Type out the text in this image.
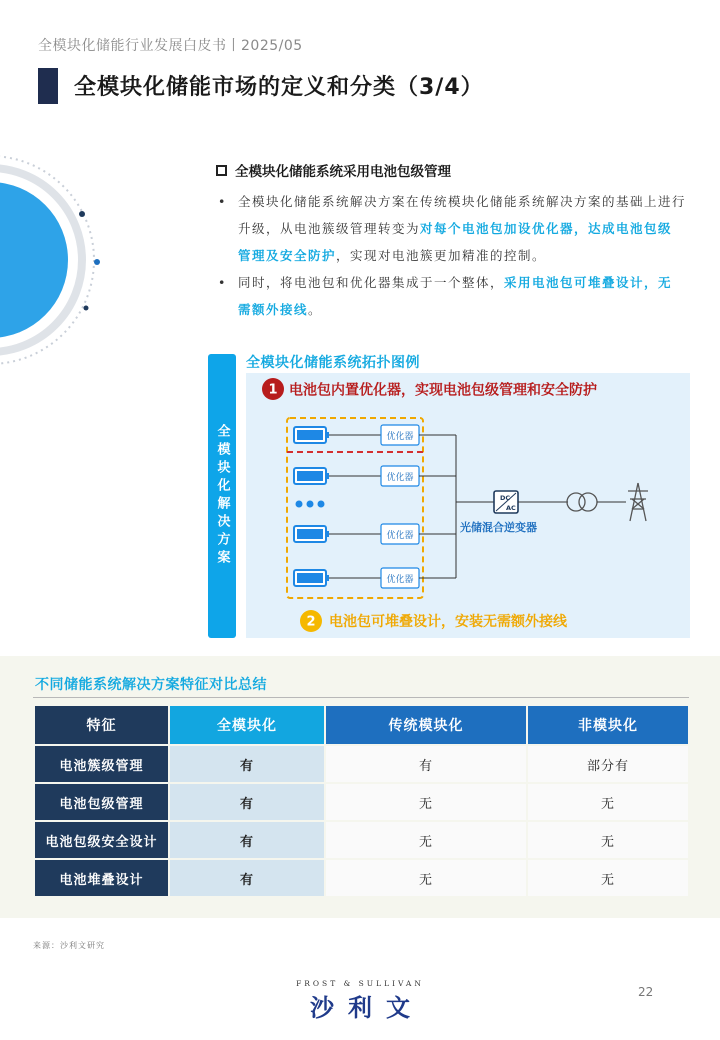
全模块化储能行业发展白皮书丨2025/05
全模块化储能市场的定义和分类（3/4）
全模块化储能系统采用电池包级管理
• 全模块化储能系统解决方案在传统模块化储能系统解决方案的基础上进行升级，从电池簇级管理转变为对每个电池包加设优化器，达成电池包级管理及安全防护，实现对电池簇更加精准的控制。
• 同时，将电池包和优化器集成于一个整体，采用电池包可堆叠设计，无需额外接线。
全模块化解决方案
全模块化储能系统拓扑图例
1 电池包内置优化器，实现电池包级管理和安全防护
优化器
优化器
优化器
优化器
DC
AC
光储混合逆变器
2 电池包可堆叠设计，安装无需额外接线
不同储能系统解决方案特征对比总结
特征	全模块化	传统模块化	非模块化
电池簇级管理	有	有	部分有
电池包级管理	有	无	无
电池包级安全设计	有	无	无
电池堆叠设计	有	无	无
来源：沙利文研究
FROST & SULLIVAN
沙利文
22
